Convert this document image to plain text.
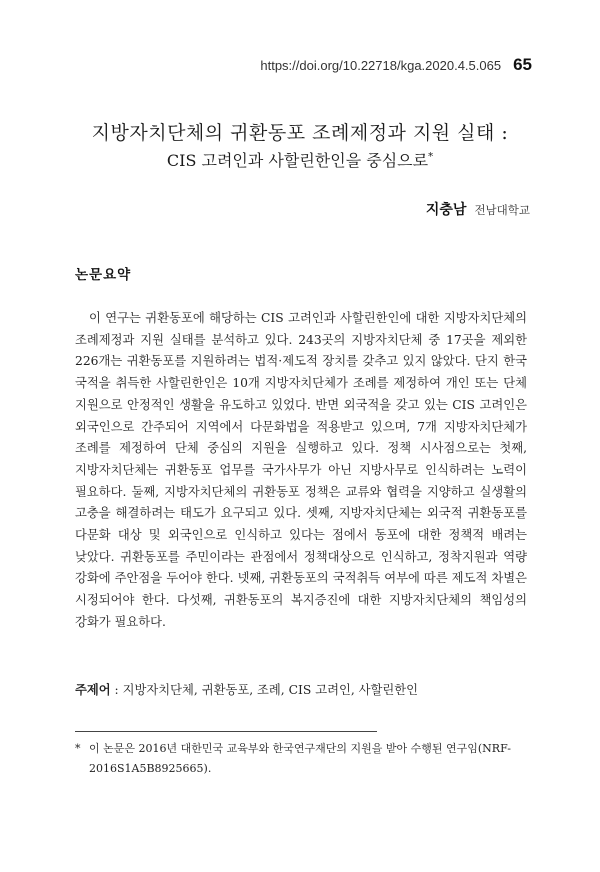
https://doi.org/10.22718/kga.2020.4.5.065 65
지방자치단체의 귀환동포 조례제정과 지원 실태 :
CIS 고려인과 사할린한인을 중심으로*
지충남 전남대학교
논문요약

이 연구는 귀환동포에 해당하는 CIS 고려인과 사할린한인에 대한 지방자치단체의 조례제정과 지원 실태를 분석하고 있다. 243곳의 지방자치단체 중 17곳을 제외한 226개는 귀환동포를 지원하려는 법적·제도적 장치를 갖추고 있지 않았다. 단지 한국 국적을 취득한 사할린한인은 10개 지방자치단체가 조례를 제정하여 개인 또는 단체 지원으로 안정적인 생활을 유도하고 있었다. 반면 외국적을 갖고 있는 CIS 고려인은 외국인으로 간주되어 지역에서 다문화법을 적용받고 있으며, 7개 지방자치단체가 조례를 제정하여 단체 중심의 지원을 실행하고 있다. 정책 시사점으로는 첫째, 지방자치단체는 귀환동포 업무를 국가사무가 아닌 지방사무로 인식하려는 노력이 필요하다. 둘째, 지방자치단체의 귀환동포 정책은 교류와 협력을 지양하고 실생활의 고충을 해결하려는 태도가 요구되고 있다. 셋째, 지방자치단체는 외국적 귀환동포를 다문화 대상 및 외국인으로 인식하고 있다는 점에서 동포에 대한 정책적 배려는 낮았다. 귀환동포를 주민이라는 관점에서 정책대상으로 인식하고, 정착지원과 역량 강화에 주안점을 두어야 한다. 넷째, 귀환동포의 국적취득 여부에 따른 제도적 차별은 시정되어야 한다. 다섯째, 귀환동포의 복지증진에 대한 지방자치단체의 책임성의 강화가 필요하다.

주제어 : 지방자치단체, 귀환동포, 조례, CIS 고려인, 사할린한인
* 이 논문은 2016년 대한민국 교육부와 한국연구재단의 지원을 받아 수행된 연구임(NRF-2016S1A5B8925665).
